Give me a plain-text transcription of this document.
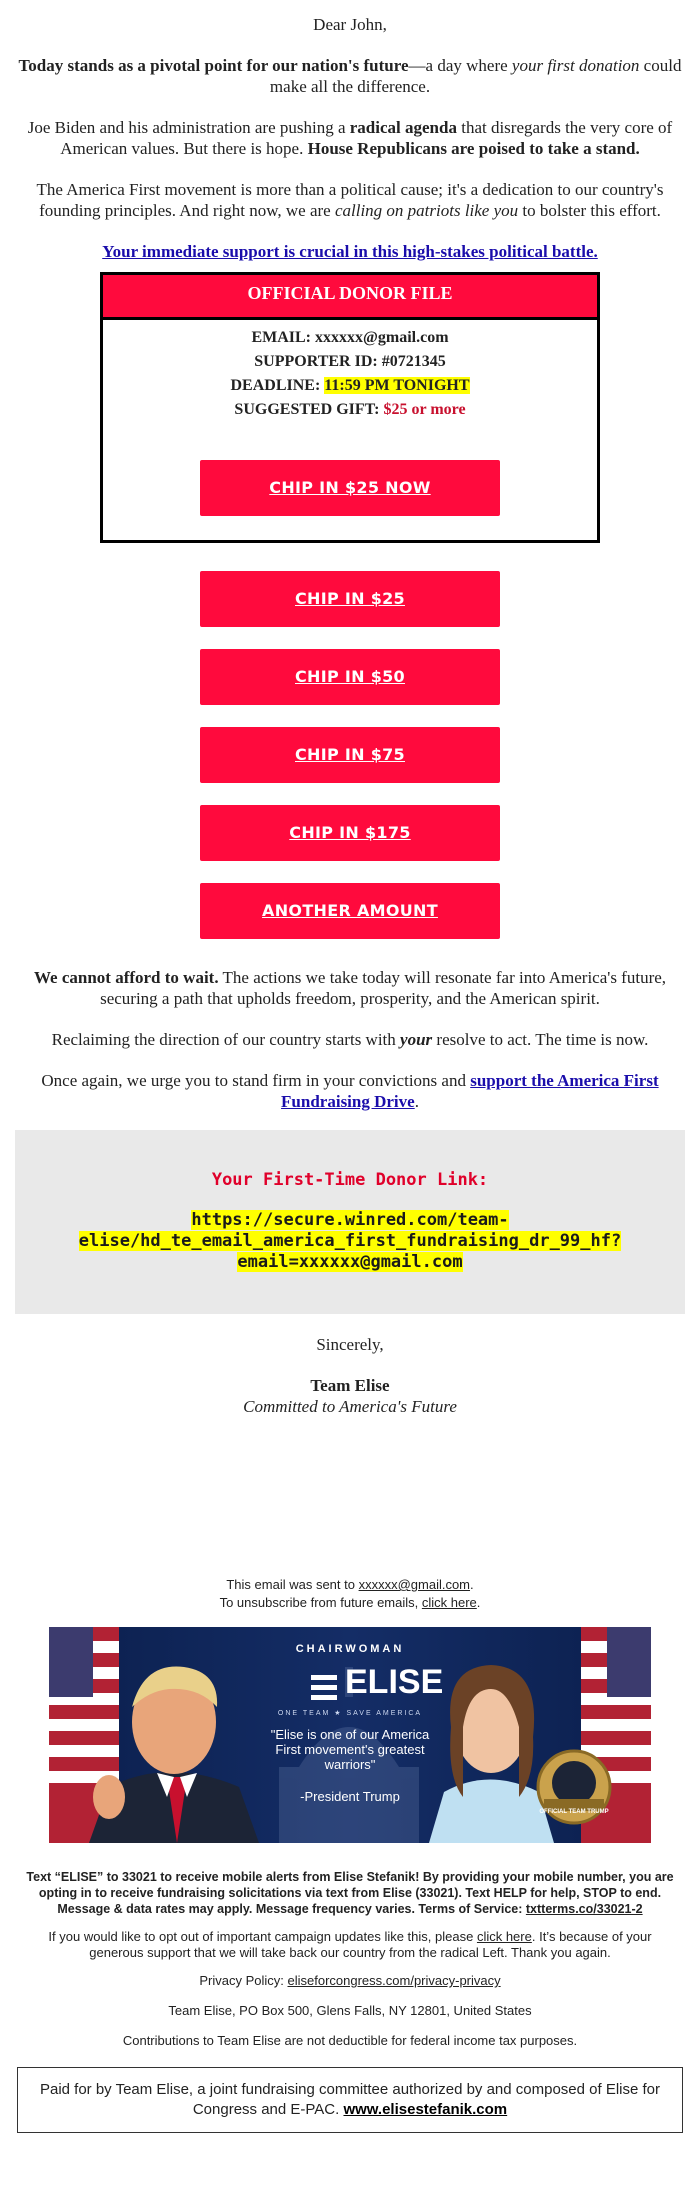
Dear John,

Today stands as a pivotal point for our nation's future—a day where your first donation could make all the difference.

Joe Biden and his administration are pushing a radical agenda that disregards the very core of American values. But there is hope. House Republicans are poised to take a stand.

The America First movement is more than a political cause; it's a dedication to our country's founding principles. And right now, we are calling on patriots like you to bolster this effort.

Your immediate support is crucial in this high-stakes political battle.

OFFICIAL DONOR FILE
EMAIL: xxxxxx@gmail.com
SUPPORTER ID: #0721345
DEADLINE: 11:59 PM TONIGHT
SUGGESTED GIFT: $25 or more
CHIP IN $25 NOW
CHIP IN $25
CHIP IN $50
CHIP IN $75
CHIP IN $175
ANOTHER AMOUNT

We cannot afford to wait. The actions we take today will resonate far into America's future, securing a path that upholds freedom, prosperity, and the American spirit.

Reclaiming the direction of our country starts with your resolve to act. The time is now.

Once again, we urge you to stand firm in your convictions and support the America First Fundraising Drive.

Your First-Time Donor Link:
https://secure.winred.com/team-
elise/hd_te_email_america_first_fundraising_dr_99_hf?
email=xxxxxx@gmail.com

Sincerely,

Team Elise

Committed to America's Future

This email was sent to xxxxxx@gmail.com.

To unsubscribe from future emails, click here.

CHAIRWOMAN
ELISE
ONE TEAM ★ SAVE AMERICA
"Elise is one of our America First movement's greatest warriors"
-President Trump
OFFICIAL TEAM TRUMP

Text “ELISE” to 33021 to receive mobile alerts from Elise Stefanik! By providing your mobile number, you are opting in to receive fundraising solicitations via text from Elise (33021). Text HELP for help, STOP to end. Message & data rates may apply. Message frequency varies. Terms of Service: txtterms.co/33021-2

If you would like to opt out of important campaign updates like this, please click here. It’s because of your generous support that we will take back our country from the radical Left. Thank you again.

Privacy Policy: eliseforcongress.com/privacy-privacy

Team Elise, PO Box 500, Glens Falls, NY 12801, United States

Contributions to Team Elise are not deductible for federal income tax purposes.

Paid for by Team Elise, a joint fundraising committee authorized by and composed of Elise for Congress and E-PAC. www.elisestefanik.com
